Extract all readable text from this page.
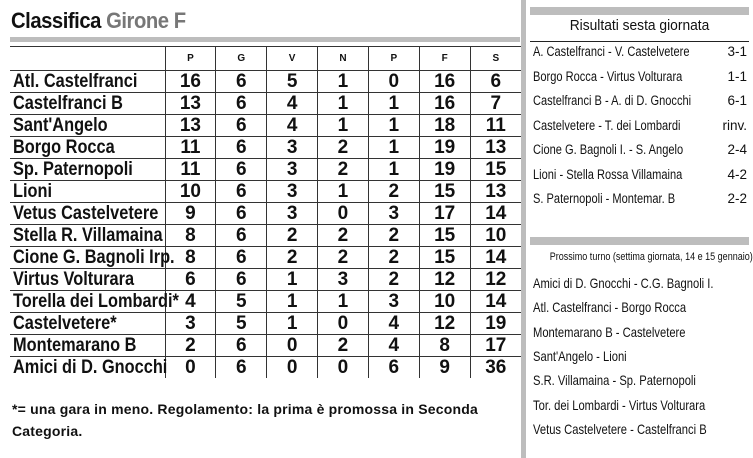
Classifica Girone F
	P	G	V	N	P	F	S
Atl. Castelfranci	16	6	5	1	0	16	6
Castelfranci B	13	6	4	1	1	16	7
Sant'Angelo	13	6	4	1	1	18	11
Borgo Rocca	11	6	3	2	1	19	13
Sp. Paternopoli	11	6	3	2	1	19	15
Lioni	10	6	3	1	2	15	13
Vetus Castelvetere	9	6	3	0	3	17	14
Stella R. Villamaina	8	6	2	2	2	15	10
Cione G. Bagnoli Irp.	8	6	2	2	2	15	14
Virtus Volturara	6	6	1	3	2	12	12
Torella dei Lombardi*	4	5	1	1	3	10	14
Castelvetere*	3	5	1	0	4	12	19
Montemarano B	2	6	0	2	4	8	17
Amici di D. Gnocchi	0	6	0	0	6	9	36
*= una gara in meno. Regolamento: la prima è promossa in Seconda Categoria.
Risultati sesta giornata
A. Castelfranci - V. Castelvetere	3-1
Borgo Rocca - Virtus Volturara	1-1
Castelfranci B - A. di D. Gnocchi	6-1
Castelvetere - T. dei Lombardi	rinv.
Cione G. Bagnoli I. - S. Angelo	2-4
Lioni - Stella Rossa Villamaina	4-2
S. Paternopoli - Montemar. B	2-2
Prossimo turno (settima giornata, 14 e 15 gennaio)
Amici di D. Gnocchi - C.G. Bagnoli I.
Atl. Castelfranci - Borgo Rocca
Montemarano B - Castelvetere
Sant'Angelo - Lioni
S.R. Villamaina - Sp. Paternopoli
Tor. dei Lombardi - Virtus Volturara
Vetus Castelvetere - Castelfranci B
